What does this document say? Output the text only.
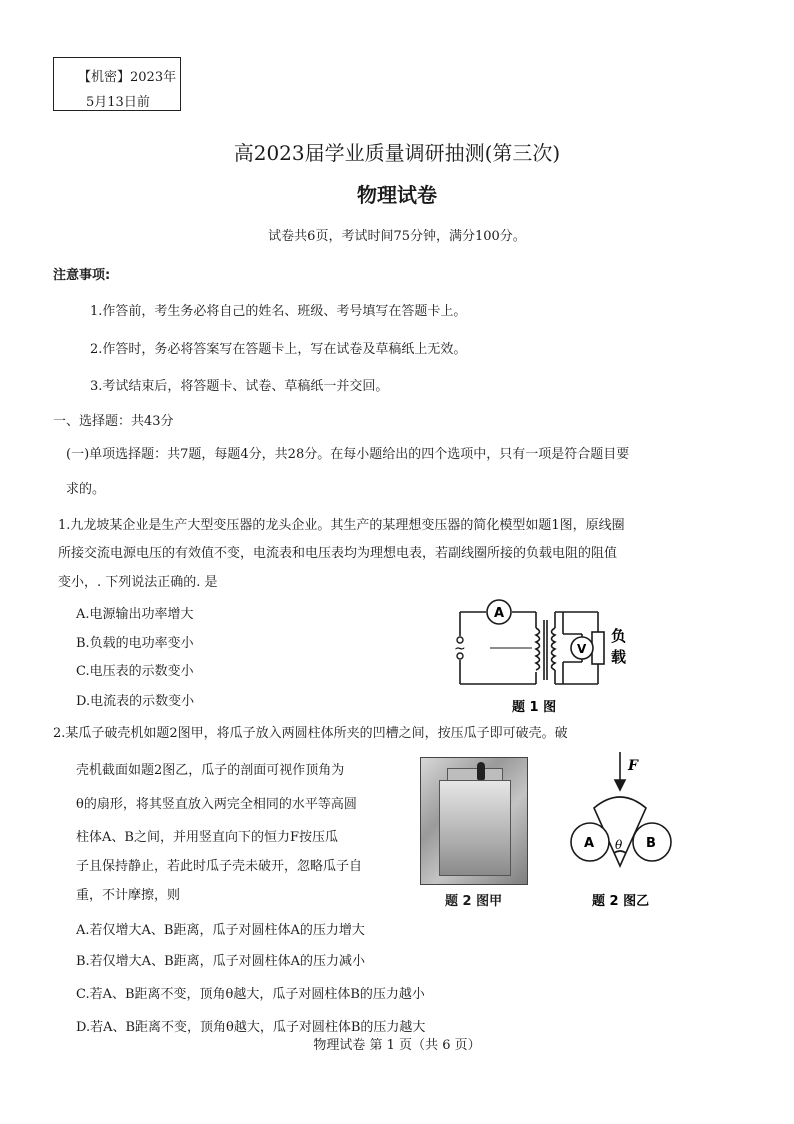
【机密】2023年
5月13日前
高2023届学业质量调研抽测(第三次)
物理试卷
试卷共6页，考试时间75分钟，满分100分。
注意事项:
1.作答前，考生务必将自己的姓名、班级、考号填写在答题卡上。
2.作答时，务必将答案写在答题卡上，写在试卷及草稿纸上无效。
3.考试结束后，将答题卡、试卷、草稿纸一并交回。
一、选择题：共43分
(一)单项选择题：共7题，每题4分，共28分。在每小题给出的四个选项中，只有一项是符合题目要
求的。
1.九龙坡某企业是生产大型变压器的龙头企业。其生产的某理想变压器的简化模型如题1图，原线圈
所接交流电源电压的有效值不变，电流表和电压表均为理想电表，若副线圈所接的负载电阻的阻值
变小，. 下列说法正确的. 是
A.电源输出功率增大
B.负载的电功率变小
C.电压表的示数变小
D.电流表的示数变小
~
A
V
负
载
题 1 图
2.某瓜子破壳机如题2图甲，将瓜子放入两圆柱体所夹的凹槽之间，按压瓜子即可破壳。破
壳机截面如题2图乙，瓜子的剖面可视作顶角为
θ的扇形，将其竖直放入两完全相同的水平等高圆
柱体A、B之间，并用竖直向下的恒力F按压瓜
子且保持静止，若此时瓜子壳未破开，忽略瓜子自
重，不计摩擦，则
A.若仅增大A、B距离，瓜子对圆柱体A的压力增大
B.若仅增大A、B距离，瓜子对圆柱体A的压力减小
C.若A、B距离不变，顶角θ越大，瓜子对圆柱体B的压力越小
D.若A、B距离不变，顶角θ越大，瓜子对圆柱体B的压力越大
题 2 图甲
F
A	B
θ
题 2 图乙
物理试卷 第 1 页（共 6 页）
